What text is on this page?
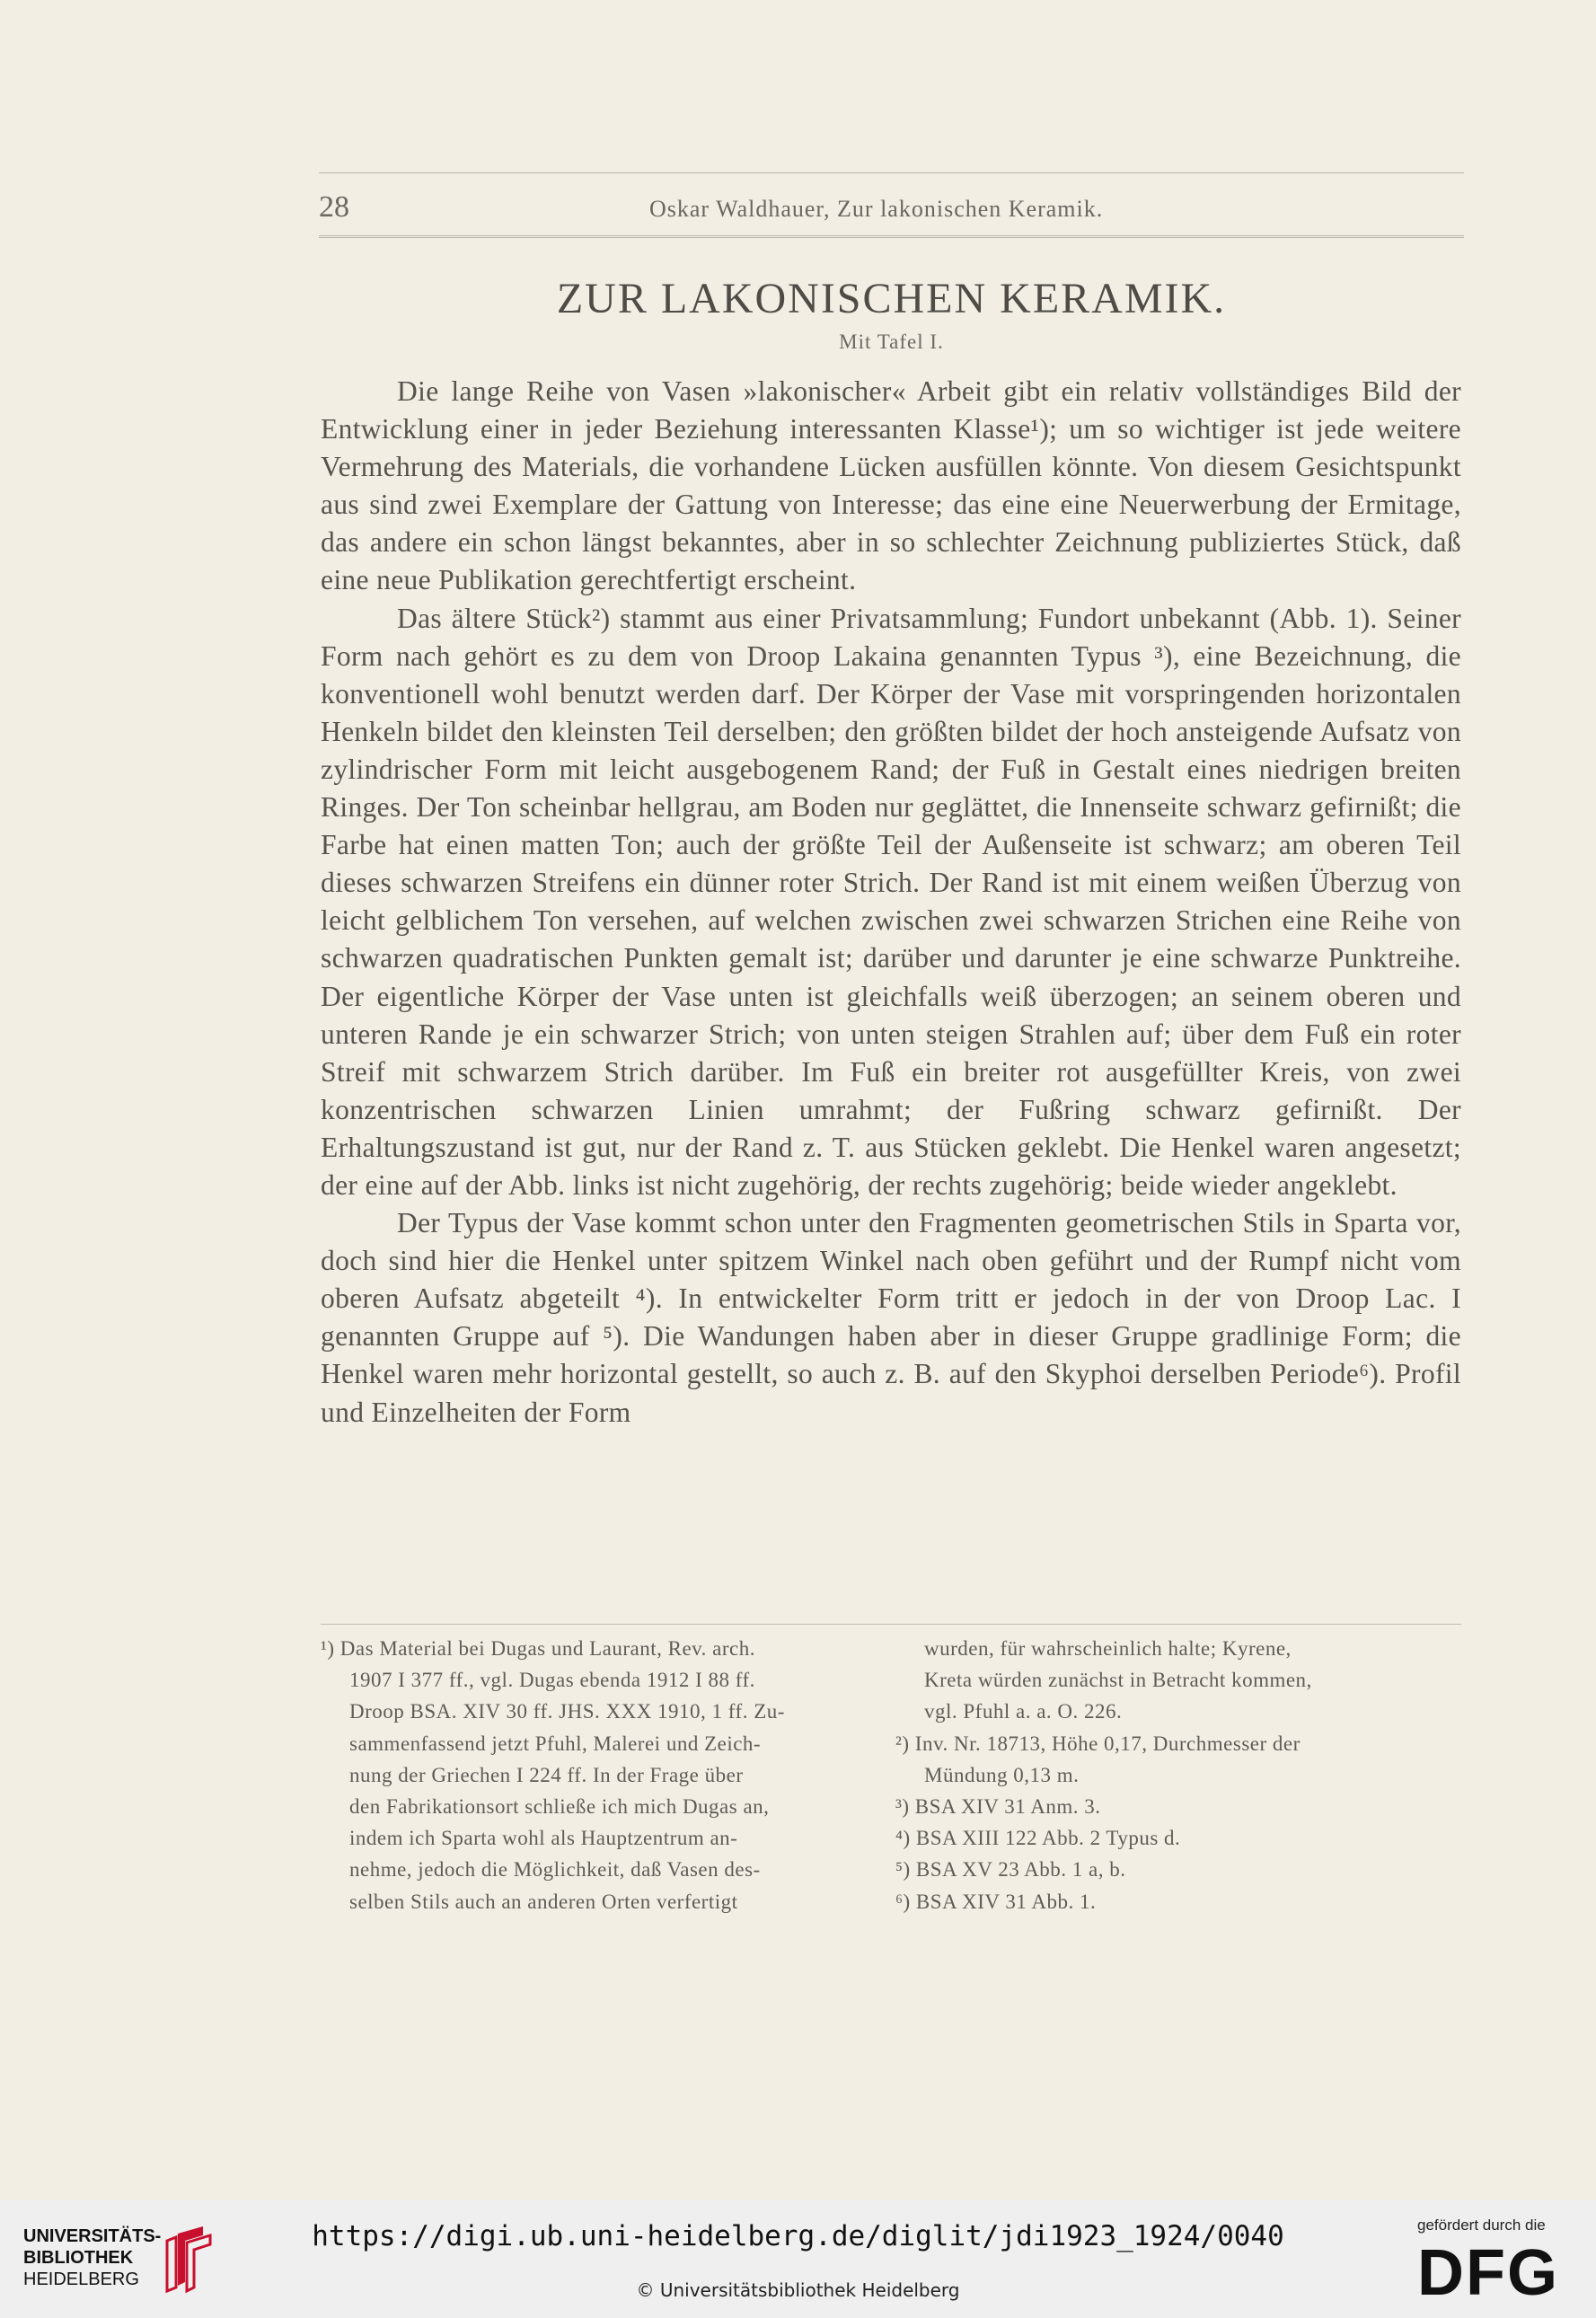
28	Oskar Waldhauer, Zur lakonischen Keramik.
ZUR LAKONISCHEN KERAMIK.
Mit Tafel I.

Die lange Reihe von Vasen »lakonischer« Arbeit gibt ein relativ vollständiges Bild der Entwicklung einer in jeder Beziehung interessanten Klasse¹); um so wichtiger ist jede weitere Vermehrung des Materials, die vorhandene Lücken ausfüllen könnte. Von diesem Gesichtspunkt aus sind zwei Exemplare der Gattung von Interesse; das eine eine Neuerwerbung der Ermitage, das andere ein schon längst bekanntes, aber in so schlechter Zeichnung publiziertes Stück, daß eine neue Publikation gerechtfertigt erscheint.

Das ältere Stück²) stammt aus einer Privatsammlung; Fundort unbekannt (Abb. 1). Seiner Form nach gehört es zu dem von Droop Lakaina genannten Typus ³), eine Bezeichnung, die konventionell wohl benutzt werden darf. Der Körper der Vase mit vorspringenden horizontalen Henkeln bildet den kleinsten Teil derselben; den größten bildet der hoch ansteigende Aufsatz von zylindrischer Form mit leicht ausgebogenem Rand; der Fuß in Gestalt eines niedrigen breiten Ringes. Der Ton scheinbar hellgrau, am Boden nur geglättet, die Innenseite schwarz gefirnißt; die Farbe hat einen matten Ton; auch der größte Teil der Außenseite ist schwarz; am oberen Teil dieses schwarzen Streifens ein dünner roter Strich. Der Rand ist mit einem weißen Überzug von leicht gelblichem Ton versehen, auf welchen zwischen zwei schwarzen Strichen eine Reihe von schwarzen quadratischen Punkten gemalt ist; darüber und darunter je eine schwarze Punktreihe. Der eigentliche Körper der Vase unten ist gleichfalls weiß überzogen; an seinem oberen und unteren Rande je ein schwarzer Strich; von unten steigen Strahlen auf; über dem Fuß ein roter Streif mit schwarzem Strich darüber. Im Fuß ein breiter rot ausgefüllter Kreis, von zwei konzentrischen schwarzen Linien umrahmt; der Fußring schwarz gefirnißt. Der Erhaltungszustand ist gut, nur der Rand z. T. aus Stücken geklebt. Die Henkel waren angesetzt; der eine auf der Abb. links ist nicht zugehörig, der rechts zugehörig; beide wieder angeklebt.

Der Typus der Vase kommt schon unter den Fragmenten geometrischen Stils in Sparta vor, doch sind hier die Henkel unter spitzem Winkel nach oben geführt und der Rumpf nicht vom oberen Aufsatz abgeteilt ⁴). In entwickelter Form tritt er jedoch in der von Droop Lac. I genannten Gruppe auf ⁵). Die Wandungen haben aber in dieser Gruppe gradlinige Form; die Henkel waren mehr horizontal gestellt, so auch z. B. auf den Skyphoi derselben Periode⁶). Profil und Einzelheiten der Form

¹) Das Material bei Dugas und Laurant, Rev. arch.
1907 I 377 ff., vgl. Dugas ebenda 1912 I 88 ff.
Droop BSA. XIV 30 ff. JHS. XXX 1910, 1 ff. Zu-
sammenfassend jetzt Pfuhl, Malerei und Zeich-
nung der Griechen I 224 ff. In der Frage über
den Fabrikationsort schließe ich mich Dugas an,
indem ich Sparta wohl als Hauptzentrum an-
nehme, jedoch die Möglichkeit, daß Vasen des-
selben Stils auch an anderen Orten verfertigt
wurden, für wahrscheinlich halte; Kyrene,
Kreta würden zunächst in Betracht kommen,
vgl. Pfuhl a. a. O. 226.
²) Inv. Nr. 18713, Höhe 0,17, Durchmesser der
Mündung 0,13 m.
³) BSA XIV 31 Anm. 3.
⁴) BSA XIII 122 Abb. 2 Typus d.
⁵) BSA XV 23 Abb. 1 a, b.
⁶) BSA XIV 31 Abb. 1.
UNIVERSITÄTS-
BIBLIOTHEK
HEIDELBERG
https://digi.ub.uni-heidelberg.de/diglit/jdi1923_1924/0040
© Universitätsbibliothek Heidelberg
gefördert durch die
DFG
